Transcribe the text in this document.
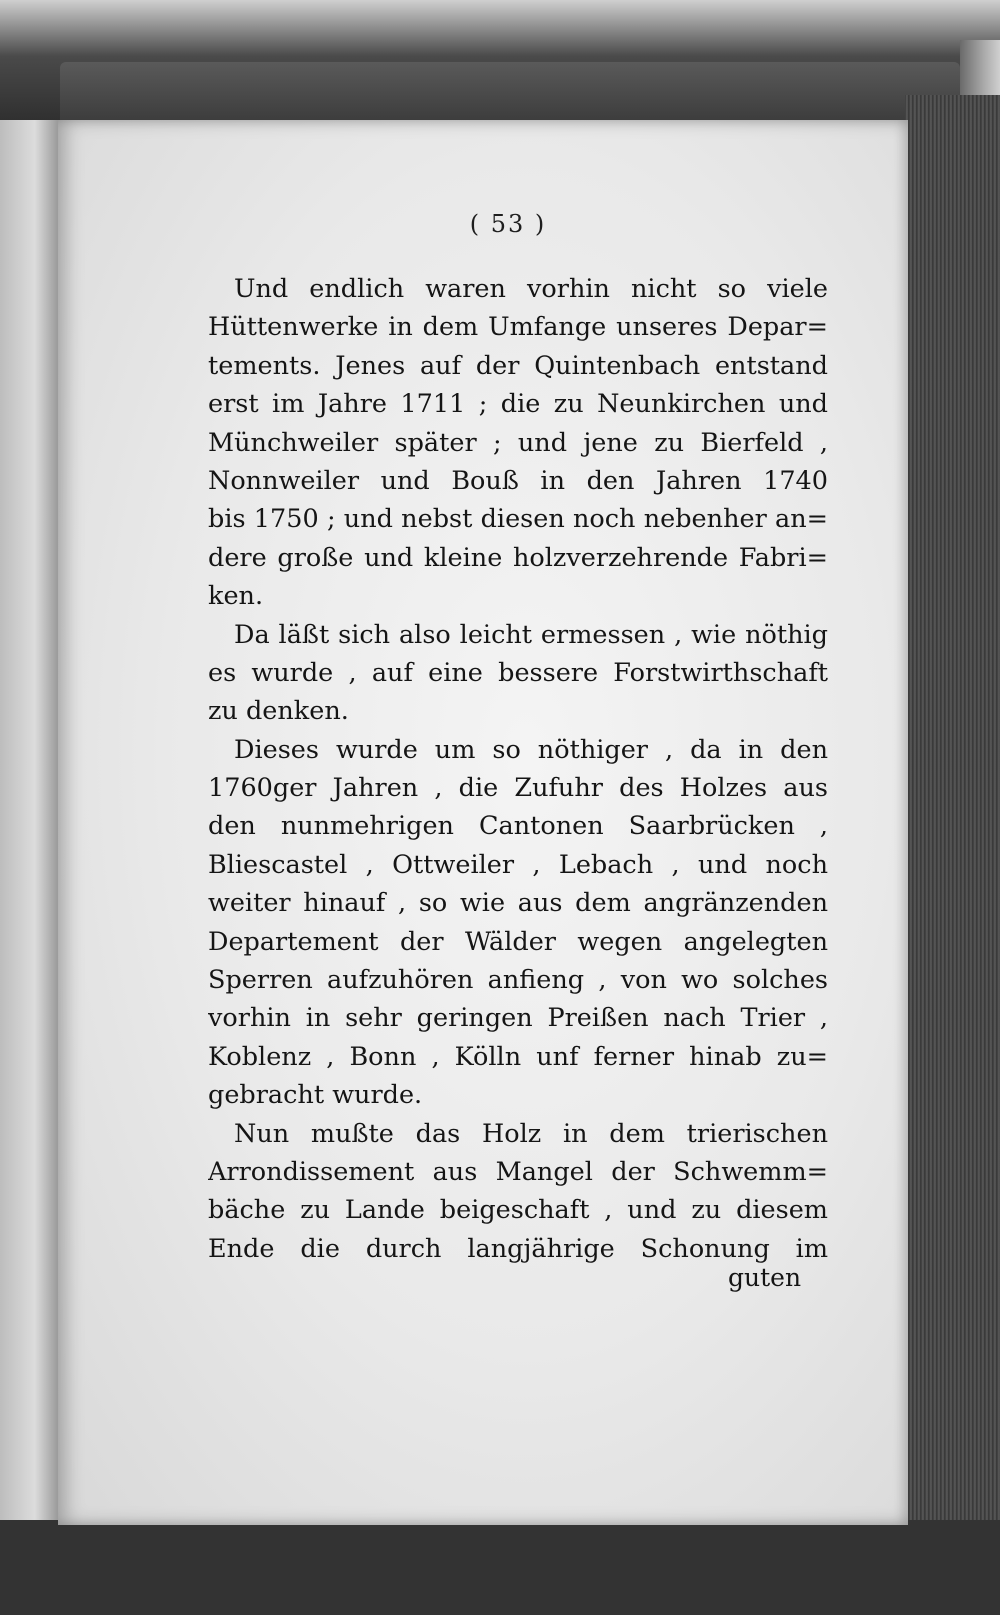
( 53 )
Und endlich waren vorhin nicht so viele
Hüttenwerke in dem Umfange unseres Depar=
tements. Jenes auf der Quintenbach entstand
erst im Jahre 1711 ; die zu Neunkirchen und
Münchweiler später ; und jene zu Bierfeld ,
Nonnweiler und Bouß in den Jahren 1740
bis 1750 ; und nebst diesen noch nebenher an=
dere große und kleine holzverzehrende Fabri=
ken.
Da läßt sich also leicht ermessen , wie nöthig
es wurde , auf eine bessere Forstwirthschaft
zu denken.
Dieses wurde um so nöthiger , da in den
1760ger Jahren , die Zufuhr des Holzes aus
den nunmehrigen Cantonen Saarbrücken ,
Bliescastel , Ottweiler , Lebach , und noch
weiter hinauf , so wie aus dem angränzenden
Departement der Wälder wegen angelegten
Sperren aufzuhören anfieng , von wo solches
vorhin in sehr geringen Preißen nach Trier ,
Koblenz , Bonn , Kölln unf ferner hinab zu=
gebracht wurde.
Nun mußte das Holz in dem trierischen
Arrondissement aus Mangel der Schwemm=
bäche zu Lande beigeschaft , und zu diesem
Ende die durch langjährige Schonung im
guten
